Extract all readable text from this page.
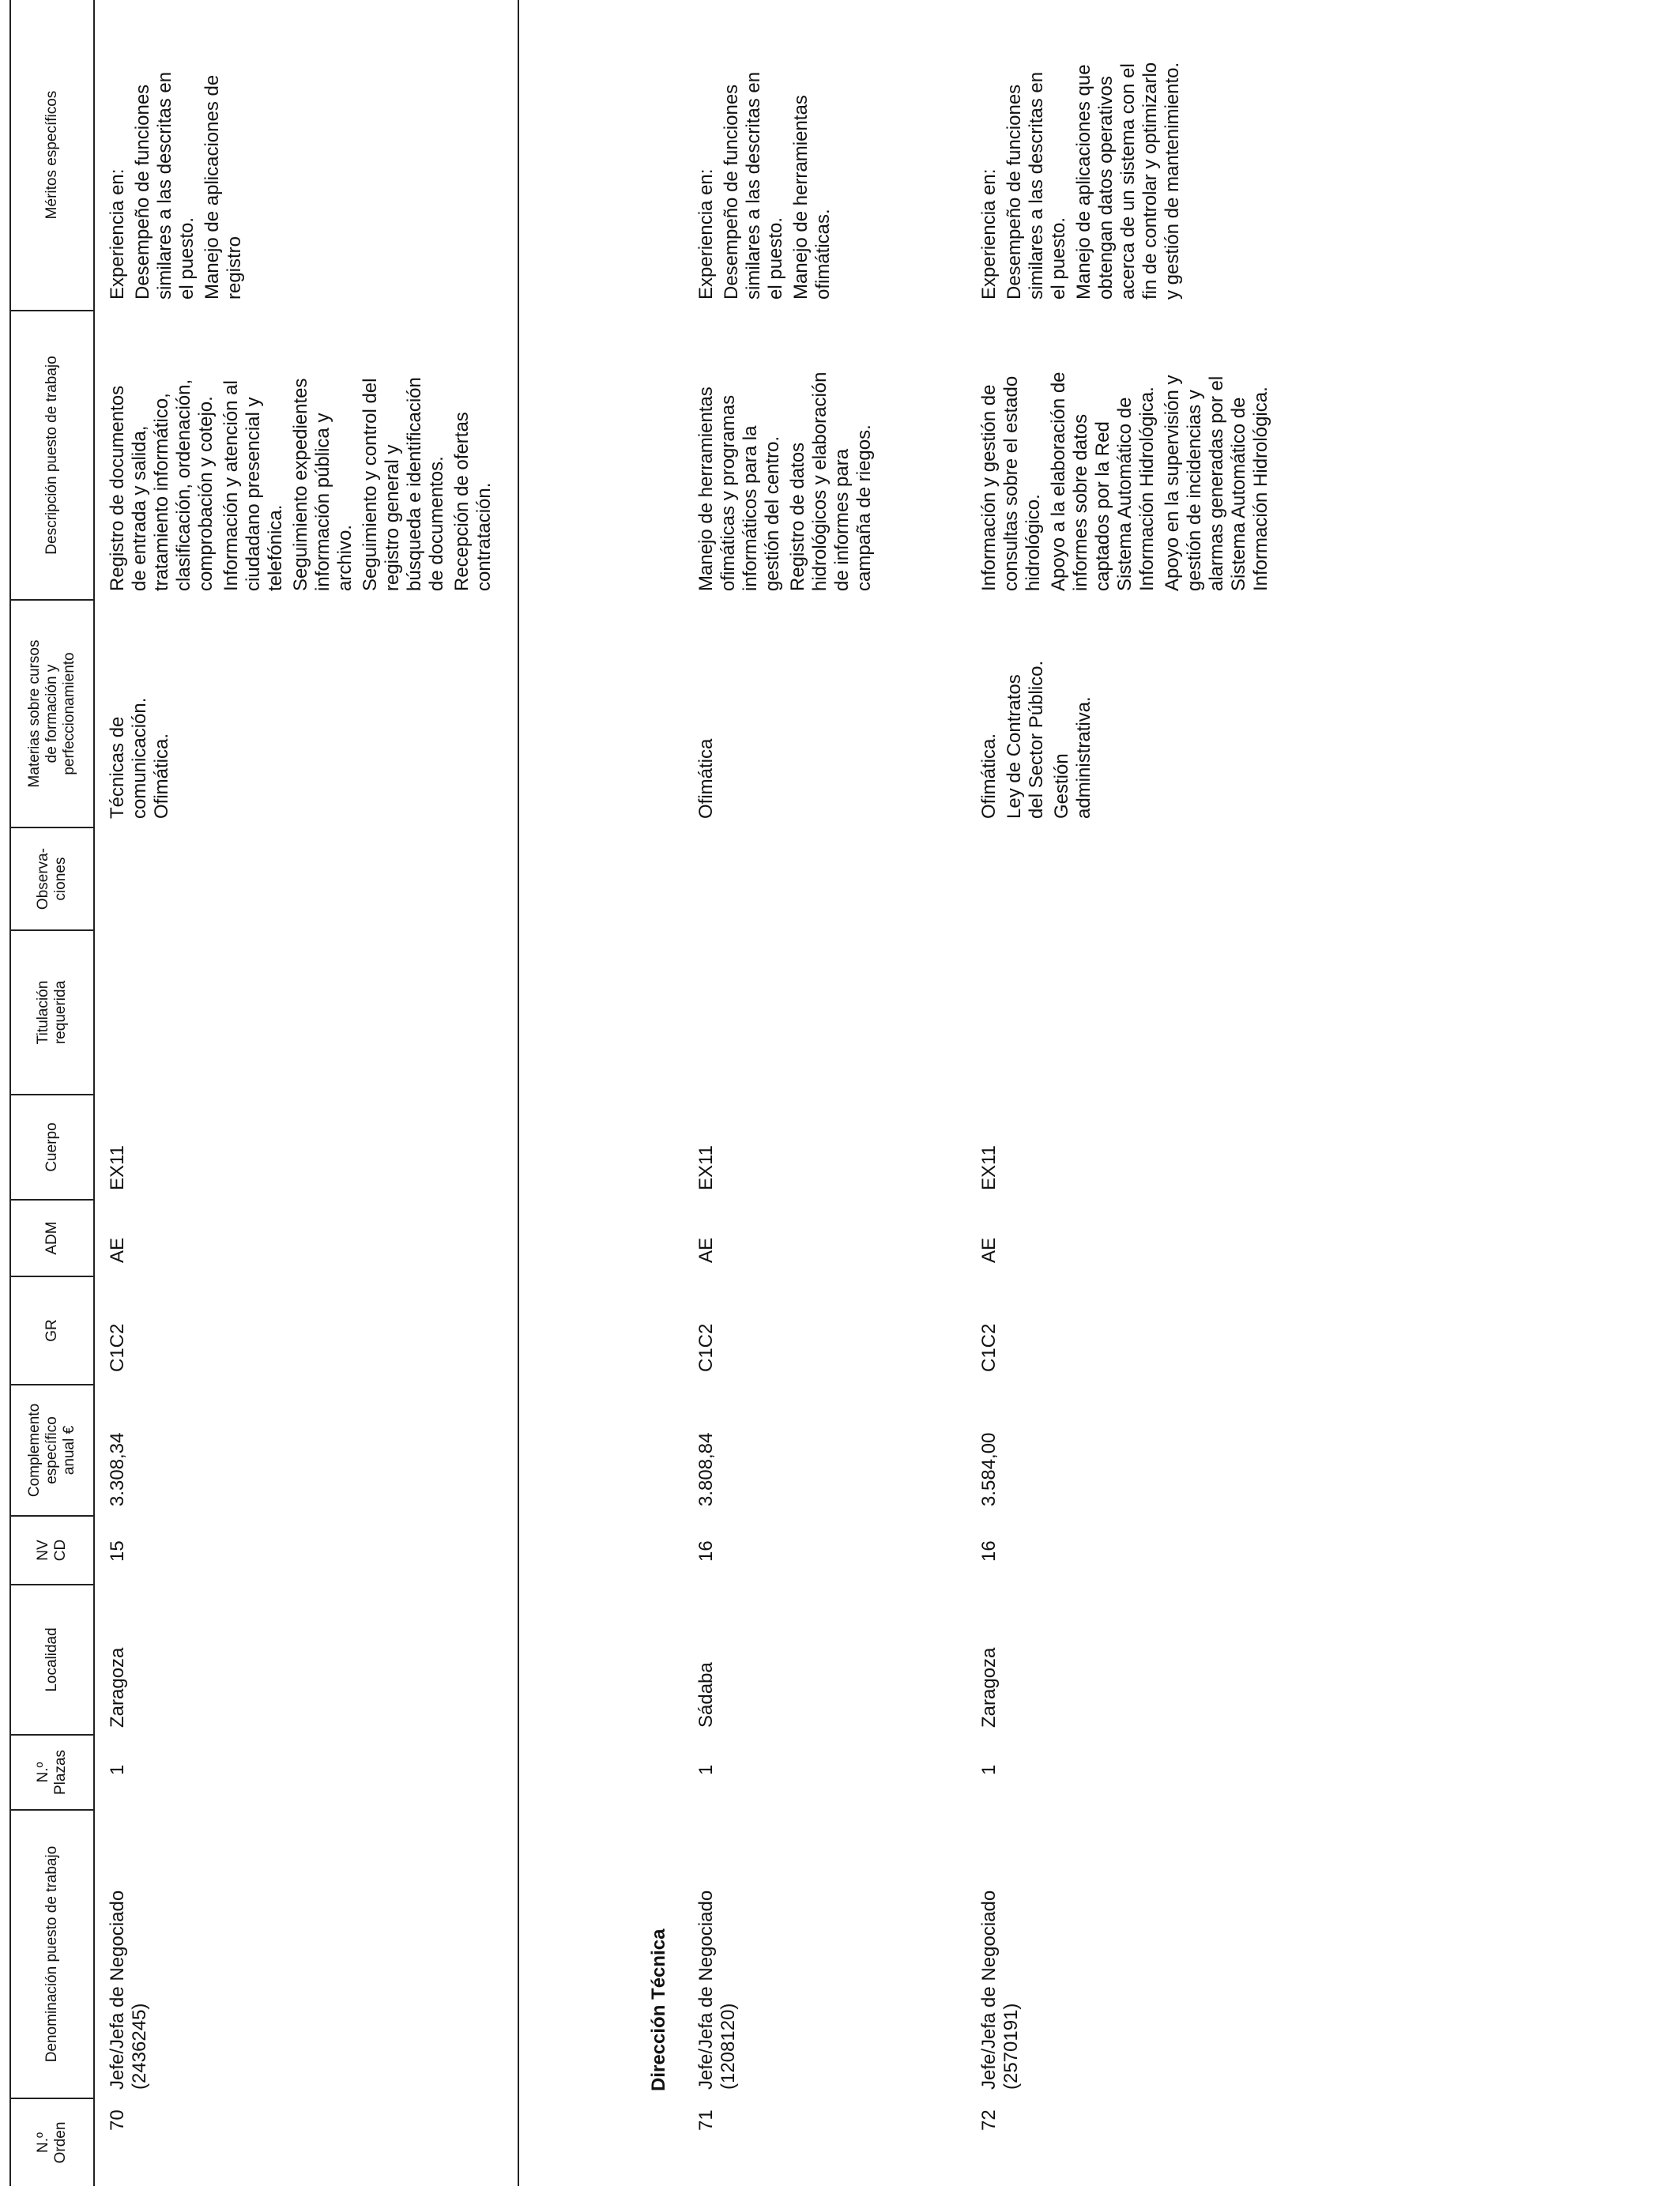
N.º Orden
Denominación puesto de trabajo
N.º Plazas
Localidad
NV CD
Complemento específico anual €
GR
ADM
Cuerpo
Titulación requerida
Observa- ciones
Materias sobre cursos de formación y perfeccionamiento
Descripción puesto de trabajo
Méritos específicos
Dirección Técnica
70
Jefe/Jefa de Negociado (2436245)
1
Zaragoza
15
3.308,34
C1C2
AE
EX11
Técnicas de comunicación. Ofimática.
Registro de documentos de entrada y salida, tratamiento informático, clasificación, ordenación, comprobación y cotejo. Información y atención al ciudadano presencial y telefónica. Seguimiento expedientes información pública y archivo. Seguimiento y control del registro general y búsqueda e identificación de documentos. Recepción de ofertas contratación.
Experiencia en: Desempeño de funciones similares a las descritas en el puesto. Manejo de aplicaciones de registro
71
Jefe/Jefa de Negociado (1208120)
1
Sádaba
16
3.808,84
C1C2
AE
EX11
Ofimática
Manejo de herramientas ofimáticas y programas informáticos para la gestión del centro. Registro de datos hidrológicos y elaboración de informes para campaña de riegos.
Experiencia en: Desempeño de funciones similares a las descritas en el puesto. Manejo de herramientas ofimáticas.
72
Jefe/Jefa de Negociado (2570191)
1
Zaragoza
16
3.584,00
C1C2
AE
EX11
Ofimática. Ley de Contratos del Sector Público. Gestión administrativa.
Información y gestión de consultas sobre el estado hidrológico. Apoyo a la elaboración de informes sobre datos captados por la Red Sistema Automático de Información Hidrológica. Apoyo en la supervisión y gestión de incidencias y alarmas generadas por el Sistema Automático de Información Hidrológica.
Experiencia en: Desempeño de funciones similares a las descritas en el puesto. Manejo de aplicaciones que obtengan datos operativos acerca de un sistema con el fin de controlar y optimizarlo y gestión de mantenimiento.
